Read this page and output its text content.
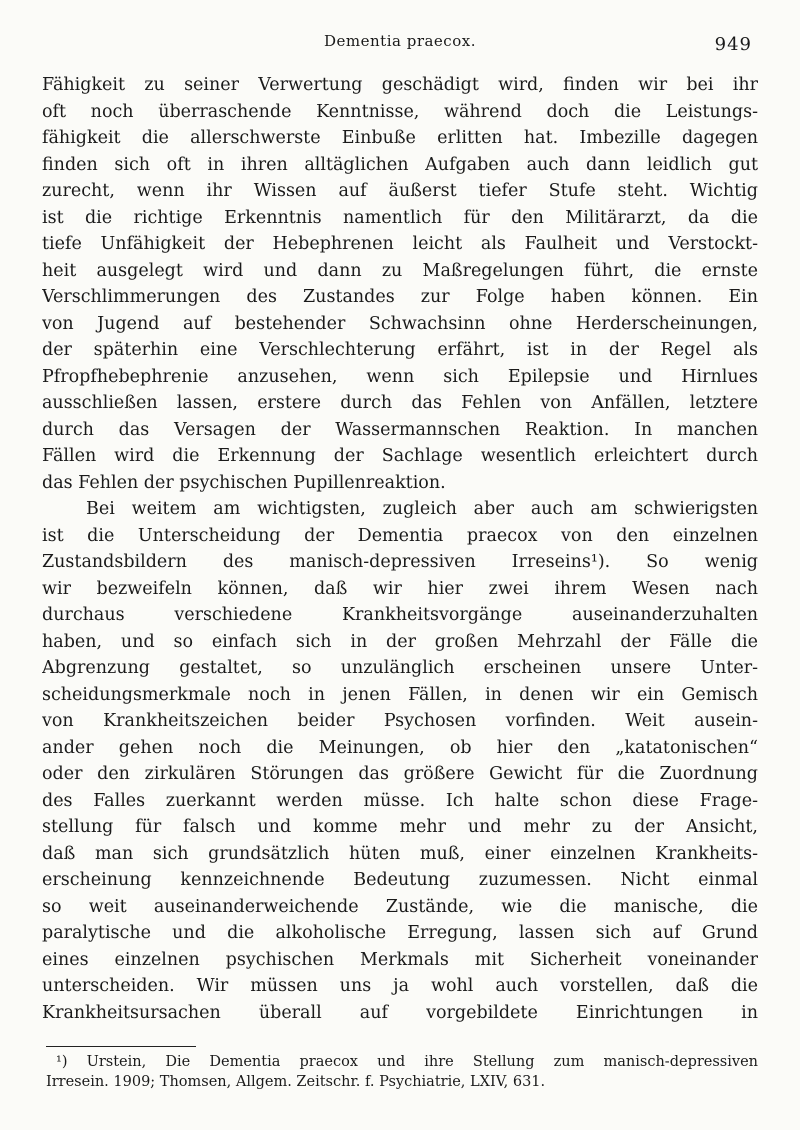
Dementia praecox.	949
Fähigkeit zu seiner Verwertung geschädigt wird, finden wir bei ihr
oft noch überraschende Kenntnisse, während doch die Leistungs-
fähigkeit die allerschwerste Einbuße erlitten hat. Imbezille dagegen
finden sich oft in ihren alltäglichen Aufgaben auch dann leidlich gut
zurecht, wenn ihr Wissen auf äußerst tiefer Stufe steht. Wichtig
ist die richtige Erkenntnis namentlich für den Militärarzt, da die
tiefe Unfähigkeit der Hebephrenen leicht als Faulheit und Verstockt-
heit ausgelegt wird und dann zu Maßregelungen führt, die ernste
Verschlimmerungen des Zustandes zur Folge haben können. Ein
von Jugend auf bestehender Schwachsinn ohne Herderscheinungen,
der späterhin eine Verschlechterung erfährt, ist in der Regel als
Pfropfhebephrenie anzusehen, wenn sich Epilepsie und Hirnlues
ausschließen lassen, erstere durch das Fehlen von Anfällen, letztere
durch das Versagen der Wassermannschen Reaktion. In manchen
Fällen wird die Erkennung der Sachlage wesentlich erleichtert durch
das Fehlen der psychischen Pupillenreaktion.
Bei weitem am wichtigsten, zugleich aber auch am schwierigsten
ist die Unterscheidung der Dementia praecox von den einzelnen
Zustandsbildern des manisch-depressiven Irreseins¹). So wenig
wir bezweifeln können, daß wir hier zwei ihrem Wesen nach
durchaus verschiedene Krankheitsvorgänge auseinanderzuhalten
haben, und so einfach sich in der großen Mehrzahl der Fälle die
Abgrenzung gestaltet, so unzulänglich erscheinen unsere Unter-
scheidungsmerkmale noch in jenen Fällen, in denen wir ein Gemisch
von Krankheitszeichen beider Psychosen vorfinden. Weit ausein-
ander gehen noch die Meinungen, ob hier den „katatonischen“
oder den zirkulären Störungen das größere Gewicht für die Zuordnung
des Falles zuerkannt werden müsse. Ich halte schon diese Frage-
stellung für falsch und komme mehr und mehr zu der Ansicht,
daß man sich grundsätzlich hüten muß, einer einzelnen Krankheits-
erscheinung kennzeichnende Bedeutung zuzumessen. Nicht einmal
so weit auseinanderweichende Zustände, wie die manische, die
paralytische und die alkoholische Erregung, lassen sich auf Grund
eines einzelnen psychischen Merkmals mit Sicherheit voneinander
unterscheiden. Wir müssen uns ja wohl auch vorstellen, daß die
Krankheitsursachen überall auf vorgebildete Einrichtungen in
¹) Urstein, Die Dementia praecox und ihre Stellung zum manisch-depressiven
Irresein. 1909; Thomsen, Allgem. Zeitschr. f. Psychiatrie, LXIV, 631.
